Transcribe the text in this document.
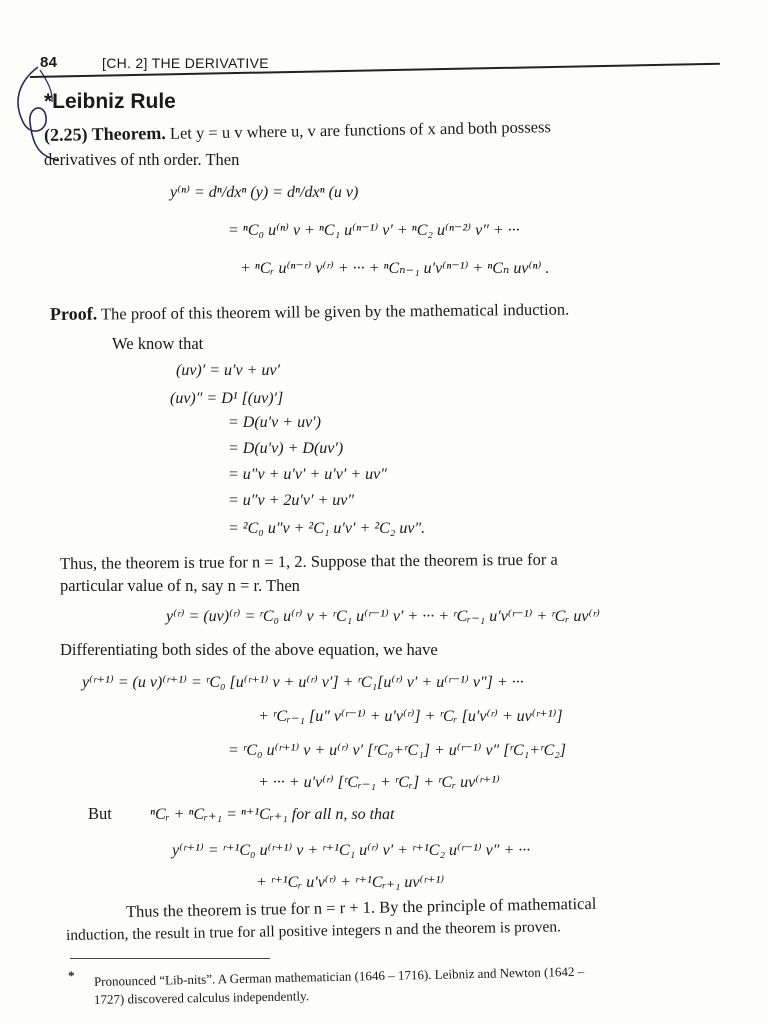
84	[CH. 2] THE DERIVATIVE
*Leibniz Rule
(2.25) Theorem. Let y = u v where u, v are functions of x and both possess
derivatives of nth order. Then
y⁽ⁿ⁾ = dⁿ/dxⁿ (y) = dⁿ/dxⁿ (u v)
= ⁿC₀ u⁽ⁿ⁾ v + ⁿC₁ u⁽ⁿ⁻¹⁾ v′ + ⁿC₂ u⁽ⁿ⁻²⁾ v″ + ···
+ ⁿCᵣ u⁽ⁿ⁻ʳ⁾ v⁽ʳ⁾ + ··· + ⁿCₙ₋₁ u′v⁽ⁿ⁻¹⁾ + ⁿCₙ uv⁽ⁿ⁾ .
Proof. The proof of this theorem will be given by the mathematical induction.
We know that
(uv)′ = u′v + uv′
(uv)″ = D¹ [(uv)′]
= D(u′v + uv′)
= D(u′v) + D(uv′)
= u″v + u′v′ + u′v′ + uv″
= u″v + 2u′v′ + uv″
= ²C₀ u″v + ²C₁ u′v′ + ²C₂ uv″.
Thus, the theorem is true for n = 1, 2. Suppose that the theorem is true for a
particular value of n, say n = r. Then
y⁽ʳ⁾ = (uv)⁽ʳ⁾ = ʳC₀ u⁽ʳ⁾ v + ʳC₁ u⁽ʳ⁻¹⁾ v′ + ··· + ʳCᵣ₋₁ u′v⁽ʳ⁻¹⁾ + ʳCᵣ uv⁽ʳ⁾
Differentiating both sides of the above equation, we have
y⁽ʳ⁺¹⁾ = (u v)⁽ʳ⁺¹⁾ = ʳC₀ [u⁽ʳ⁺¹⁾ v + u⁽ʳ⁾ v′] + ʳC₁[u⁽ʳ⁾ v′ + u⁽ʳ⁻¹⁾ v″] + ···
+ ʳCᵣ₋₁ [u″ v⁽ʳ⁻¹⁾ + u′v⁽ʳ⁾] + ʳCᵣ [u′v⁽ʳ⁾ + uv⁽ʳ⁺¹⁾]
= ʳC₀ u⁽ʳ⁺¹⁾ v + u⁽ʳ⁾ v′ [ʳC₀+ʳC₁] + u⁽ʳ⁻¹⁾ v″ [ʳC₁+ʳC₂]
+ ··· + u′v⁽ʳ⁾ [ʳCᵣ₋₁ + ʳCᵣ] + ʳCᵣ uv⁽ʳ⁺¹⁾
But ⁿCᵣ + ⁿCᵣ₊₁ = ⁿ⁺¹Cᵣ₊₁ for all n, so that
y⁽ʳ⁺¹⁾ = ʳ⁺¹C₀ u⁽ʳ⁺¹⁾ v + ʳ⁺¹C₁ u⁽ʳ⁾ v′ + ʳ⁺¹C₂ u⁽ʳ⁻¹⁾ v″ + ···
+ ʳ⁺¹Cᵣ u′v⁽ʳ⁾ + ʳ⁺¹Cᵣ₊₁ uv⁽ʳ⁺¹⁾
Thus the theorem is true for n = r + 1. By the principle of mathematical
induction, the result in true for all positive integers n and the theorem is proven.
* Pronounced “Lib-nits”. A German mathematician (1646 – 1716). Leibniz and Newton (1642 –
1727) discovered calculus independently.
